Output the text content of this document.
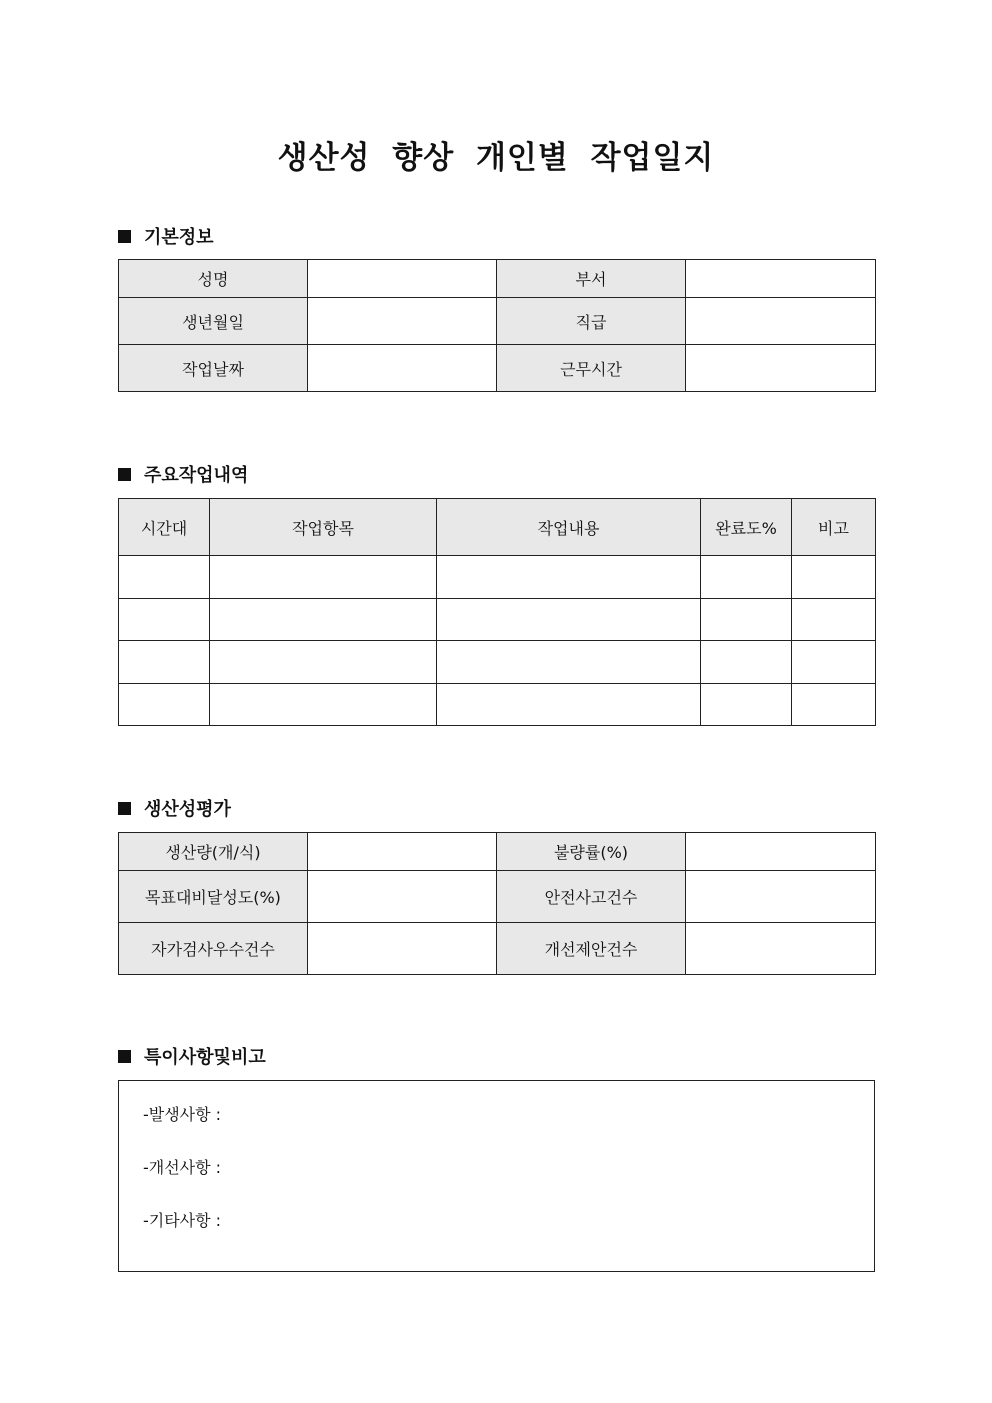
생산성 향상 개인별 작업일지
기본정보
성명		부서	
생년월일		직급	
작업날짜		근무시간	
주요작업내역
시간대	작업항목	작업내용	완료도%	비고

생산성평가
생산량(개/식)		불량률(%)	
목표대비달성도(%)		안전사고건수	
자가검사우수건수		개선제안건수	
특이사항및비고
-발생사항 :
-개선사항 :
-기타사항 :
